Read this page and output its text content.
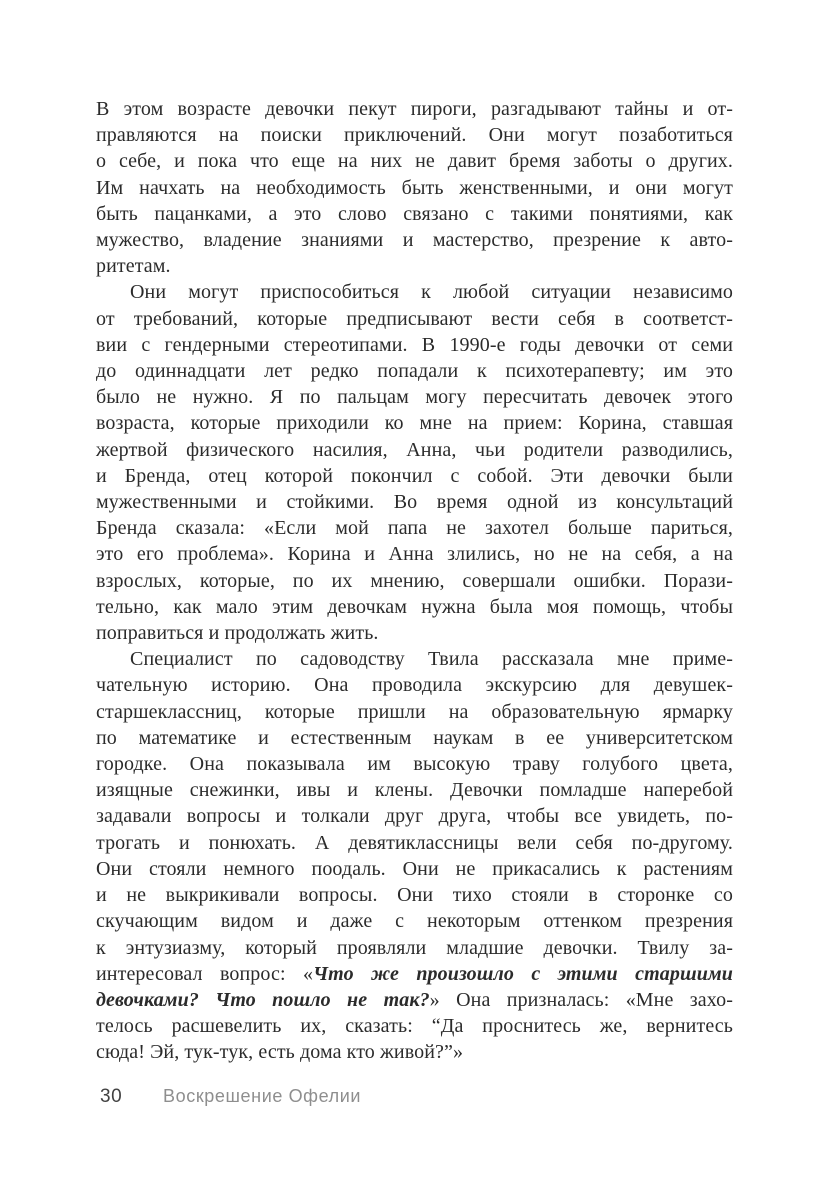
В этом возрасте девочки пекут пироги, разгадывают тайны и от-
правляются на поиски приключений. Они могут позаботиться
о себе, и пока что еще на них не давит бремя заботы о других.
Им начхать на необходимость быть женственными, и они могут
быть пацанками, а это слово связано с такими понятиями, как
мужество, владение знаниями и мастерство, презрение к авто-
ритетам.
Они могут приспособиться к любой ситуации независимо
от требований, которые предписывают вести себя в соответст-
вии с гендерными стереотипами. В 1990-е годы девочки от семи
до одиннадцати лет редко попадали к психотерапевту; им это
было не нужно. Я по пальцам могу пересчитать девочек этого
возраста, которые приходили ко мне на прием: Корина, ставшая
жертвой физического насилия, Анна, чьи родители разводились,
и Бренда, отец которой покончил с собой. Эти девочки были
мужественными и стойкими. Во время одной из консультаций
Бренда сказала: «Если мой папа не захотел больше париться,
это его проблема». Корина и Анна злились, но не на себя, а на
взрослых, которые, по их мнению, совершали ошибки. Порази-
тельно, как мало этим девочкам нужна была моя помощь, чтобы
поправиться и продолжать жить.
Специалист по садоводству Твила рассказала мне приме-
чательную историю. Она проводила экскурсию для девушек-
старшеклассниц, которые пришли на образовательную ярмарку
по математике и естественным наукам в ее университетском
городке. Она показывала им высокую траву голубого цвета,
изящные снежинки, ивы и клены. Девочки помладше наперебой
задавали вопросы и толкали друг друга, чтобы все увидеть, по-
трогать и понюхать. А девятиклассницы вели себя по-другому.
Они стояли немного поодаль. Они не прикасались к растениям
и не выкрикивали вопросы. Они тихо стояли в сторонке со
скучающим видом и даже с некоторым оттенком презрения
к энтузиазму, который проявляли младшие девочки. Твилу за-
интересовал вопрос: «Что же произошло с этими старшими
девочками? Что пошло не так?» Она призналась: «Мне захо-
телось расшевелить их, сказать: “Да проснитесь же, вернитесь
сюда! Эй, тук-тук, есть дома кто живой?”»
30 Воскрешение Офелии
